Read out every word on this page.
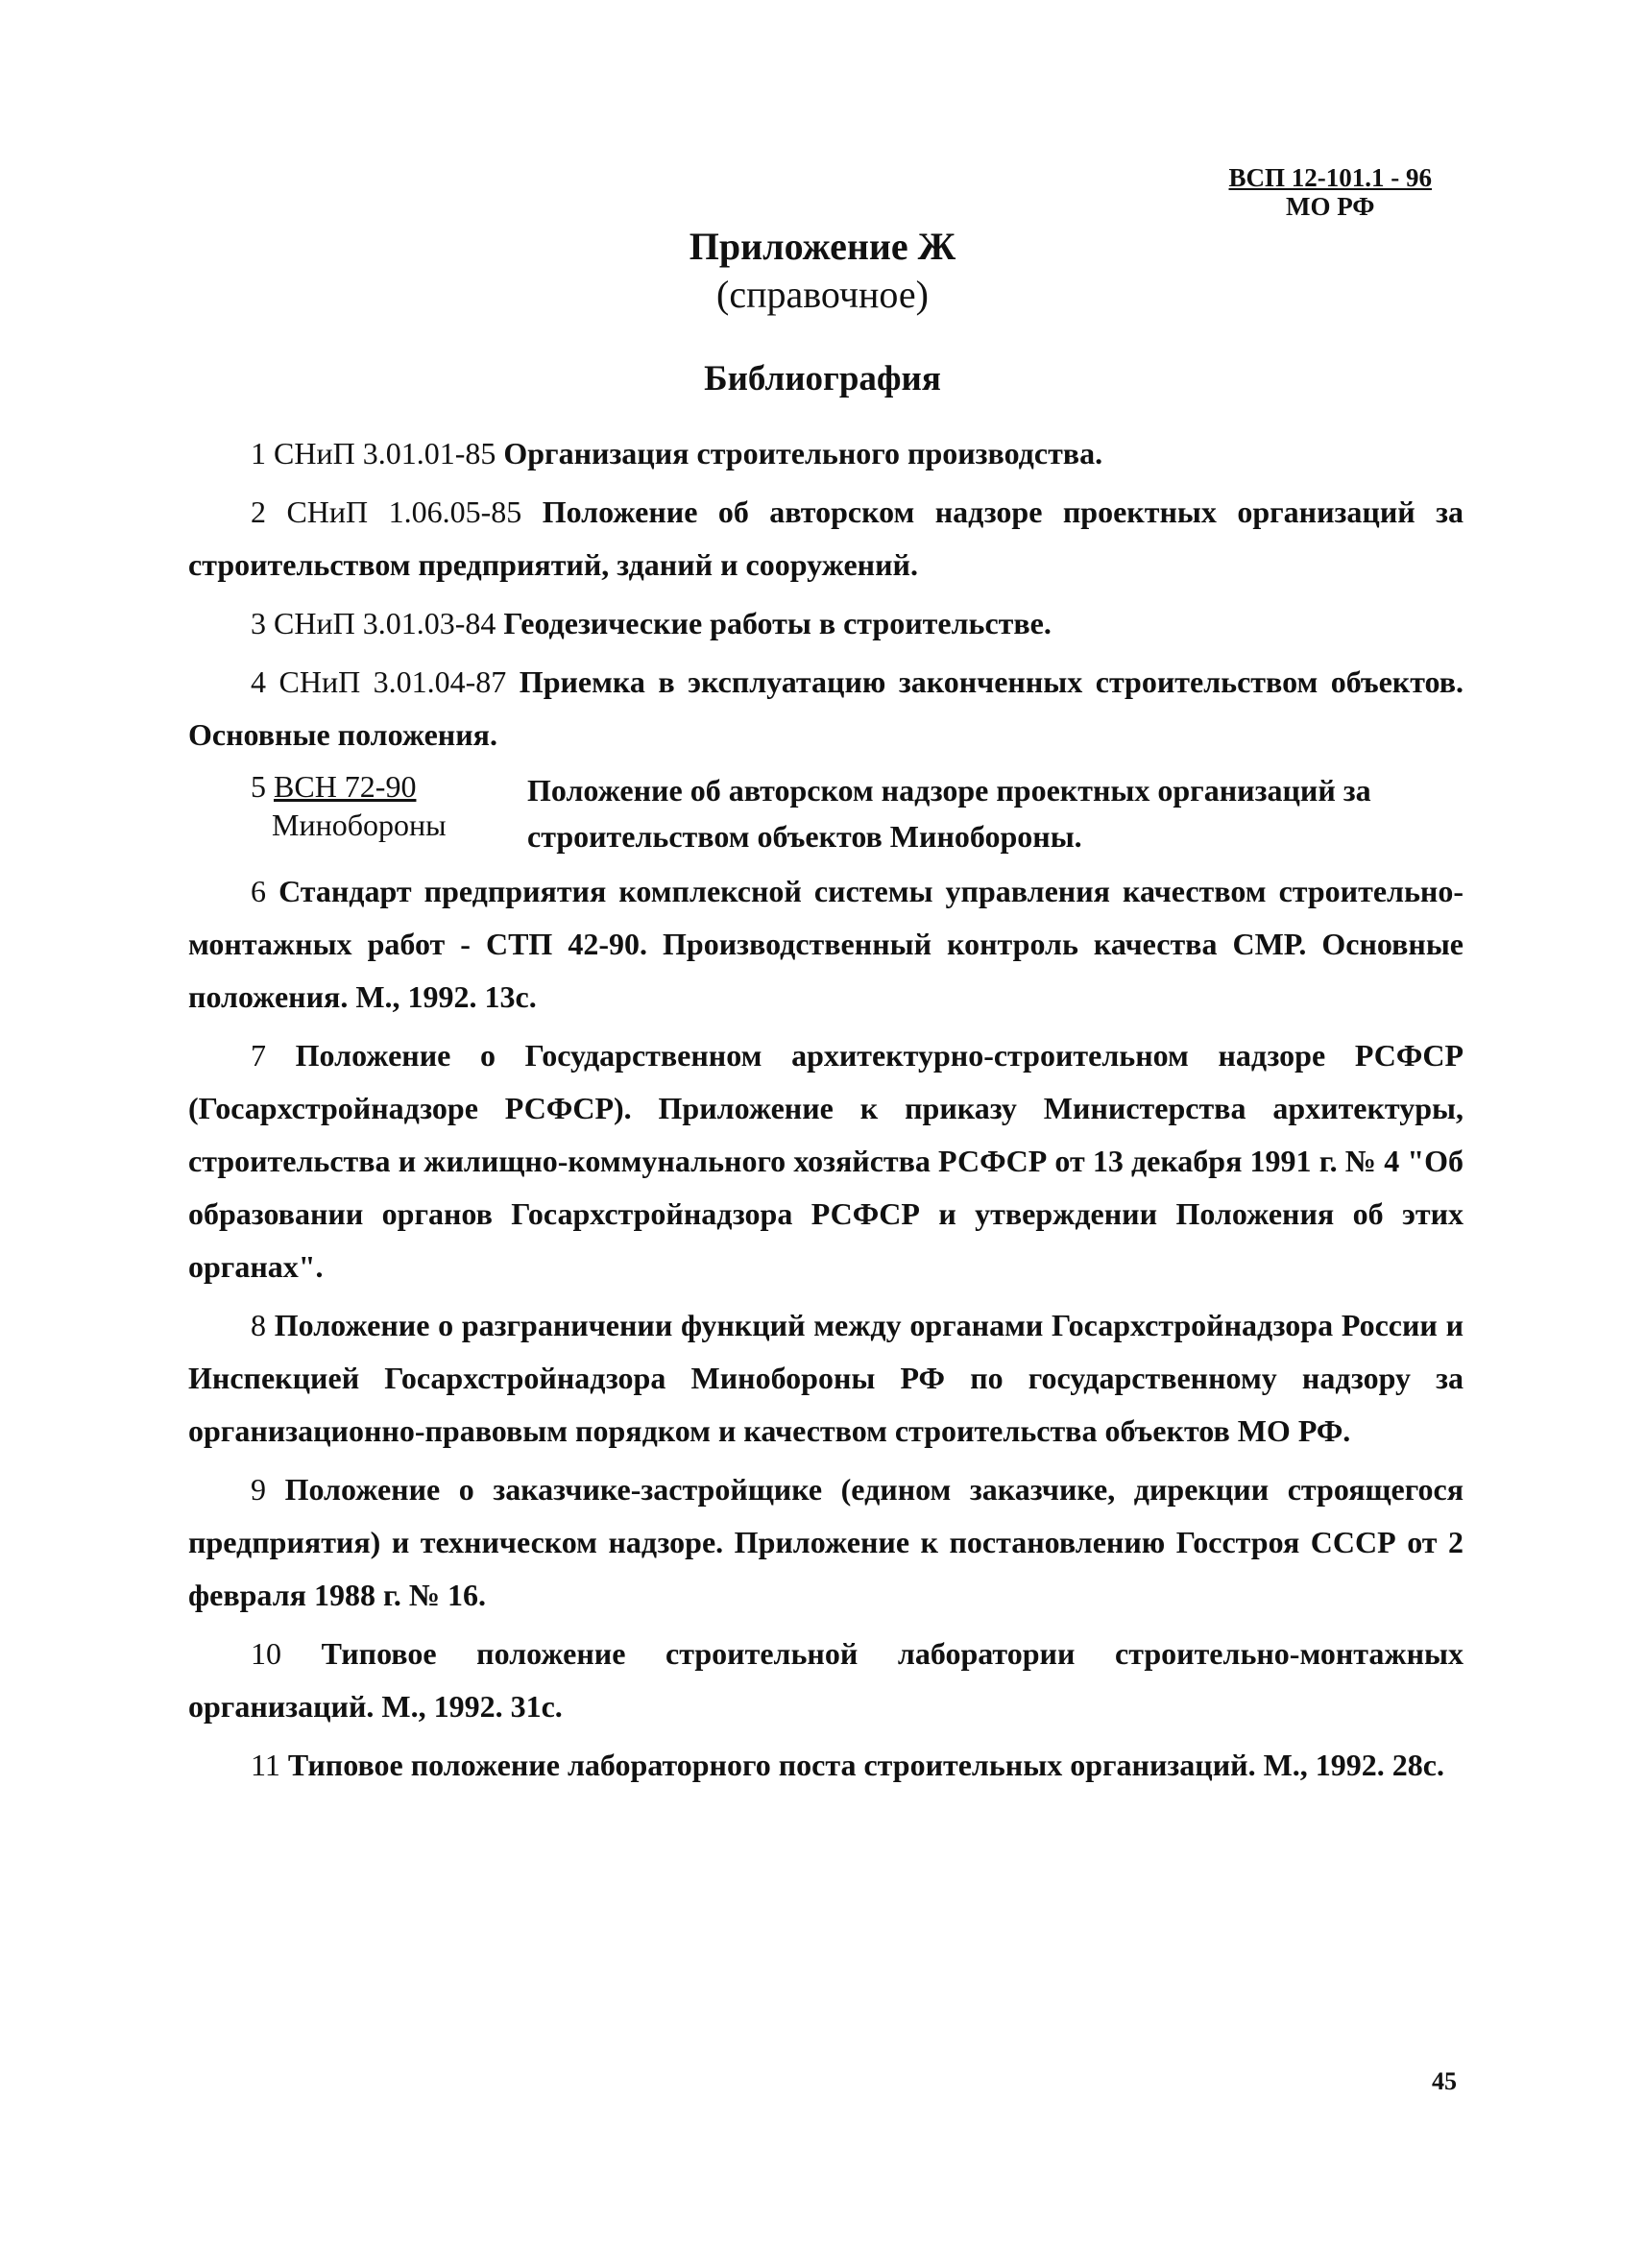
ВСП 12-101.1 - 96
МО РФ
Приложение Ж
(справочное)
Библиография

1 СНиП 3.01.01-85 Организация строительного производства.

2 СНиП 1.06.05-85 Положение об авторском надзоре проектных организаций за строительством предприятий, зданий и сооружений.

3 СНиП 3.01.03-84 Геодезические работы в строительстве.

4 СНиП 3.01.04-87 Приемка в эксплуатацию законченных строительством объектов. Основные положения.

5 ВСН 72-90
Минобороны
Положение об авторском надзоре проектных организаций за строительством объектов Минобороны.

6 Стандарт предприятия комплексной системы управления качеством строительно-монтажных работ - СТП 42-90. Производственный контроль качества СМР. Основные положения. М., 1992. 13с.

7 Положение о Государственном архитектурно-строительном надзоре РСФСР (Госархстройнадзоре РСФСР). Приложение к приказу Министерства архитектуры, строительства и жилищно-коммунального хозяйства РСФСР от 13 декабря 1991 г. № 4 "Об образовании органов Госархстройнадзора РСФСР и утверждении Положения об этих органах".

8 Положение о разграничении функций между органами Госархстройнадзора России и Инспекцией Госархстройнадзора Минобороны РФ по государственному надзору за организационно-правовым порядком и качеством строительства объектов МО РФ.

9 Положение о заказчике-застройщике (едином заказчике, дирекции строящегося предприятия) и техническом надзоре. Приложение к постановлению Госстроя СССР от 2 февраля 1988 г. № 16.

10 Типовое положение строительной лаборатории строительно-монтажных организаций. М., 1992. 31с.

11 Типовое положение лабораторного поста строительных организаций. М., 1992. 28с.

45
